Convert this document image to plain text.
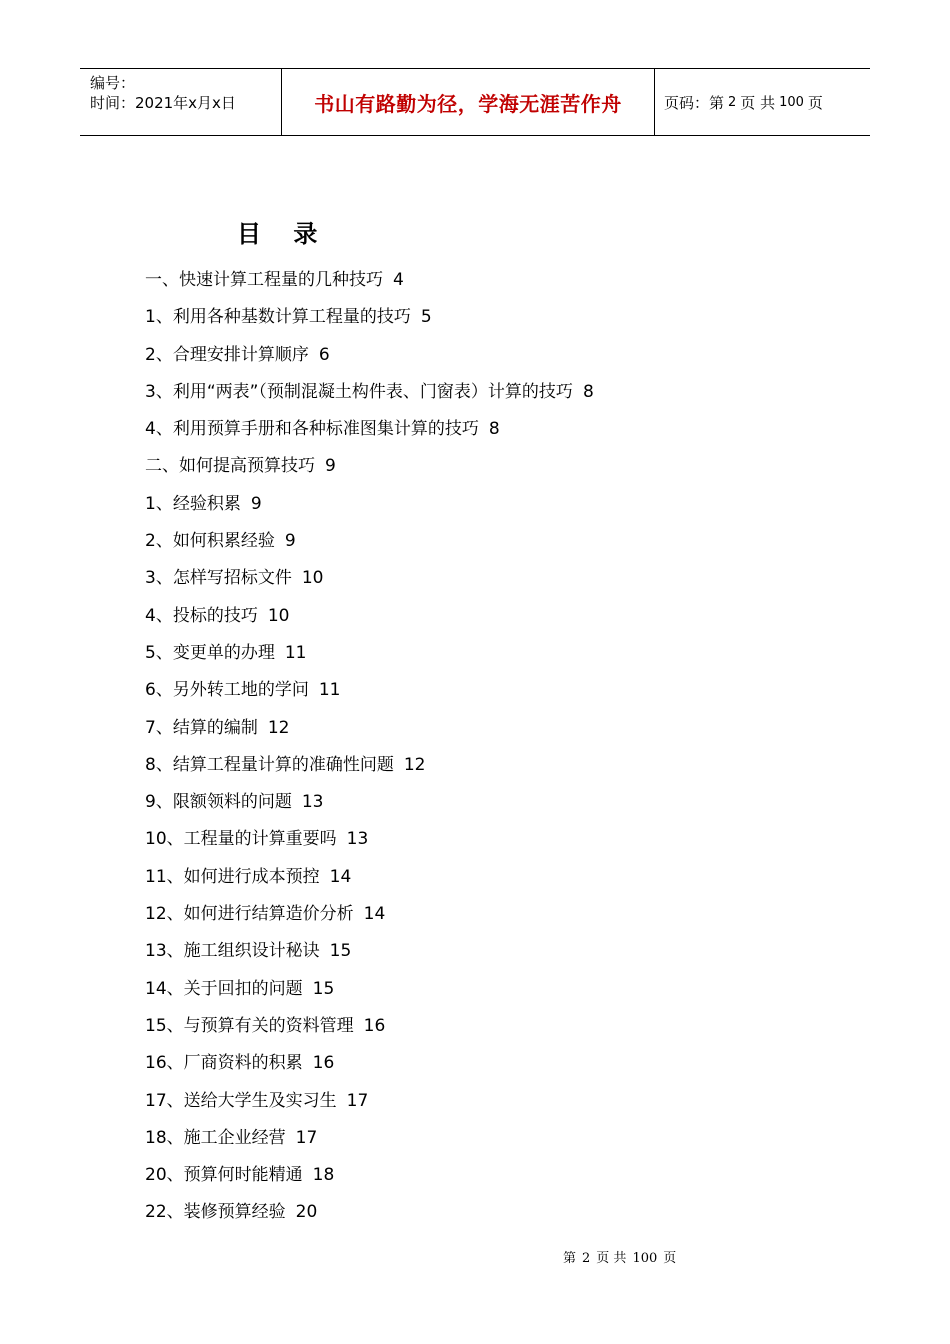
编号：
时间：2021年x月x日	书山有路勤为径，学海无涯苦作舟	页码：第 2 页 共 100 页
目 录
一、快速计算工程量的几种技巧 4
1、利用各种基数计算工程量的技巧 5
2、合理安排计算顺序 6
3、利用“两表”（预制混凝土构件表、门窗表）计算的技巧 8
4、利用预算手册和各种标准图集计算的技巧 8
二、如何提高预算技巧 9
1、经验积累 9
2、如何积累经验 9
3、怎样写招标文件 10
4、投标的技巧 10
5、变更单的办理 11
6、另外转工地的学问 11
7、结算的编制 12
8、结算工程量计算的准确性问题 12
9、限额领料的问题 13
10、工程量的计算重要吗 13
11、如何进行成本预控 14
12、如何进行结算造价分析 14
13、施工组织设计秘诀 15
14、关于回扣的问题 15
15、与预算有关的资料管理 16
16、厂商资料的积累 16
17、送给大学生及实习生 17
18、施工企业经营 17
20、预算何时能精通 18
22、装修预算经验 20
第 2 页 共 100 页
